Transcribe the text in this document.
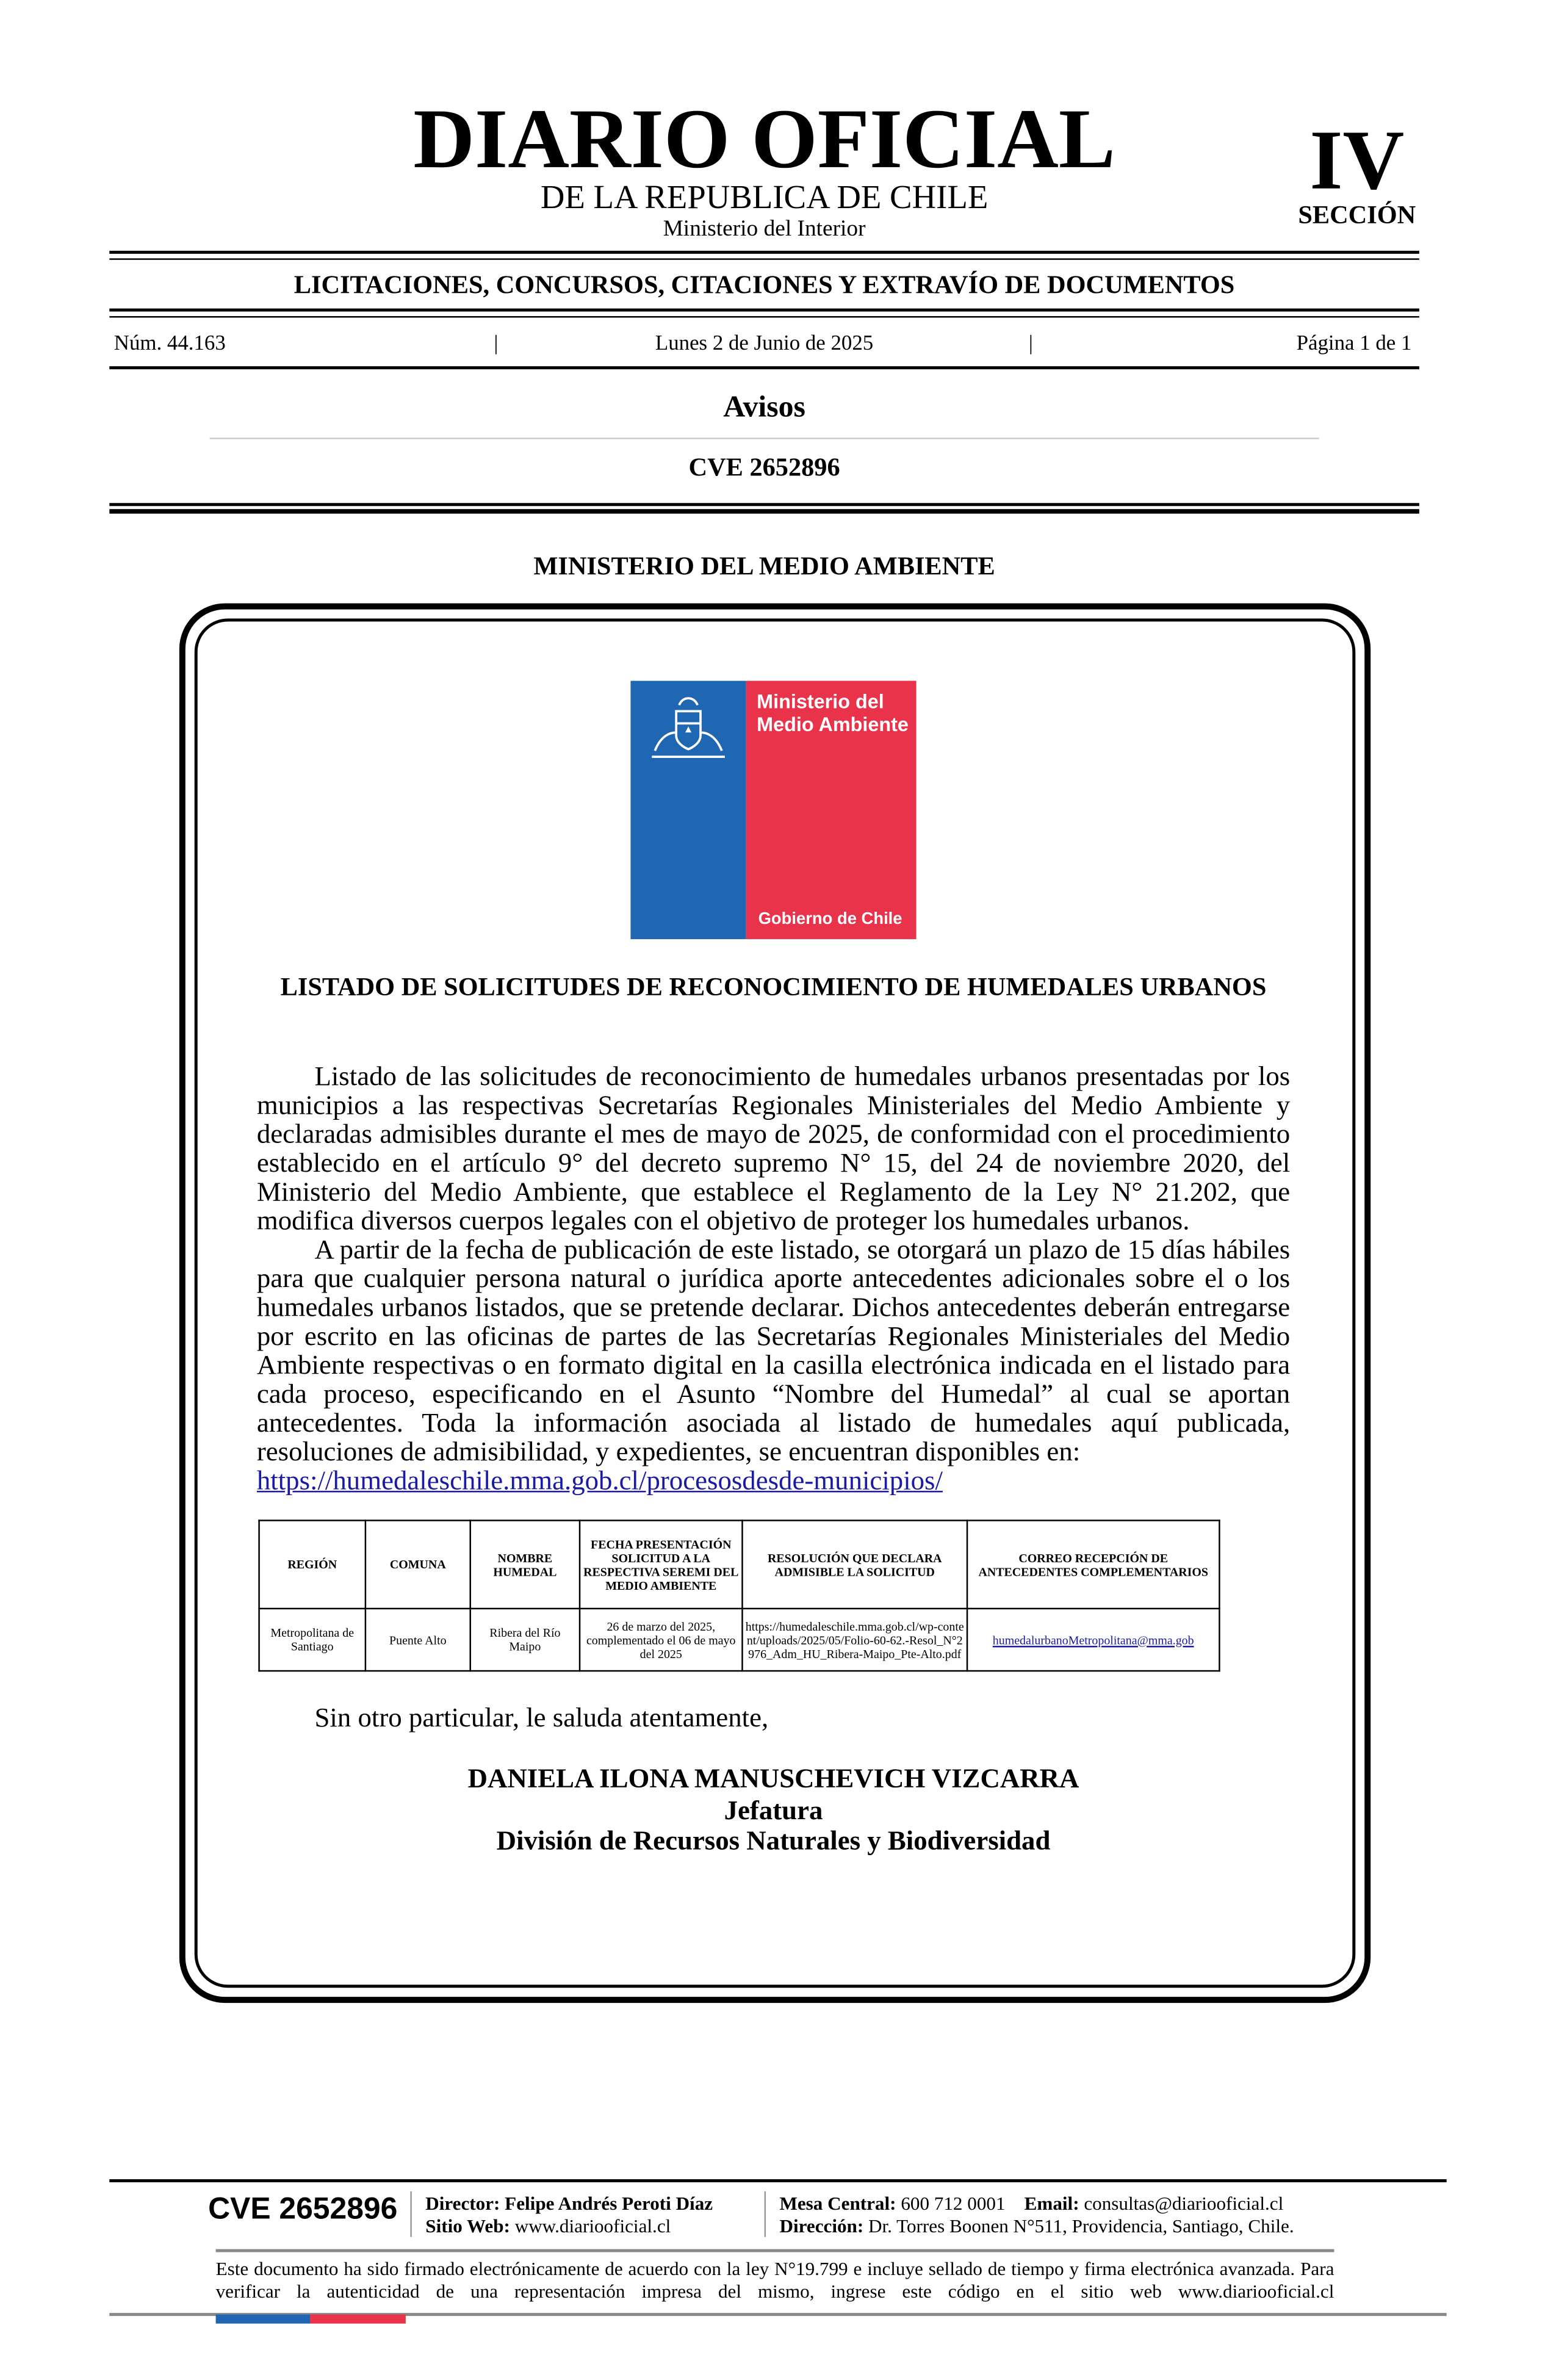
DIARIO OFICIAL
DE LA REPUBLICA DE CHILE
Ministerio del Interior
IV
SECCIÓN
LICITACIONES, CONCURSOS, CITACIONES Y EXTRAVÍO DE DOCUMENTOS
Núm. 44.163	|	Lunes 2 de Junio de 2025	|	Página 1 de 1
Avisos
CVE 2652896
MINISTERIO DEL MEDIO AMBIENTE
Ministerio del Medio Ambiente
Gobierno de Chile
LISTADO DE SOLICITUDES DE RECONOCIMIENTO DE HUMEDALES URBANOS

Listado de las solicitudes de reconocimiento de humedales urbanos presentadas por los municipios a las respectivas Secretarías Regionales Ministeriales del Medio Ambiente y declaradas admisibles durante el mes de mayo de 2025, de conformidad con el procedimiento establecido en el artículo 9° del decreto supremo N° 15, del 24 de noviembre 2020, del Ministerio del Medio Ambiente, que establece el Reglamento de la Ley N° 21.202, que modifica diversos cuerpos legales con el objetivo de proteger los humedales urbanos.

A partir de la fecha de publicación de este listado, se otorgará un plazo de 15 días hábiles para que cualquier persona natural o jurídica aporte antecedentes adicionales sobre el o los humedales urbanos listados, que se pretende declarar. Dichos antecedentes deberán entregarse por escrito en las oficinas de partes de las Secretarías Regionales Ministeriales del Medio Ambiente respectivas o en formato digital en la casilla electrónica indicada en el listado para cada proceso, especificando en el Asunto “Nombre del Humedal” al cual se aportan antecedentes. Toda la información asociada al listado de humedales aquí publicada, resoluciones de admisibilidad, y expedientes, se encuentran disponibles en:

https://humedaleschile.mma.gob.cl/procesosdesde-municipios/
REGIÓN	COMUNA	NOMBRE HUMEDAL	FECHA PRESENTACIÓN SOLICITUD A LA RESPECTIVA SEREMI DEL MEDIO AMBIENTE	RESOLUCIÓN QUE DECLARA ADMISIBLE LA SOLICITUD	CORREO RECEPCIÓN DE ANTECEDENTES COMPLEMENTARIOS
Metropolitana de Santiago	Puente Alto	Ribera del Río Maipo	26 de marzo del 2025, complementado el 06 de mayo del 2025	https://humedaleschile.mma.gob.cl/wp-content/uploads/2025/05/Folio-60-62.-Resol_N°2976_Adm_HU_Ribera-Maipo_Pte-Alto.pdf	humedalurbanoMetropolitana@mma.gob
Sin otro particular, le saluda atentamente,
DANIELA ILONA MANUSCHEVICH VIZCARRA
Jefatura
División de Recursos Naturales y Biodiversidad
CVE 2652896	Director: Felipe Andrés Peroti Díaz
Sitio Web: www.diariooficial.cl
Mesa Central: 600 712 0001 Email: consultas@diariooficial.cl
Dirección: Dr. Torres Boonen N°511, Providencia, Santiago, Chile.
Este documento ha sido firmado electrónicamente de acuerdo con la ley N°19.799 e incluye sellado de tiempo y firma electrónica avanzada. Para verificar la autenticidad de una representación impresa del mismo, ingrese este código en el sitio web www.diariooficial.cl
